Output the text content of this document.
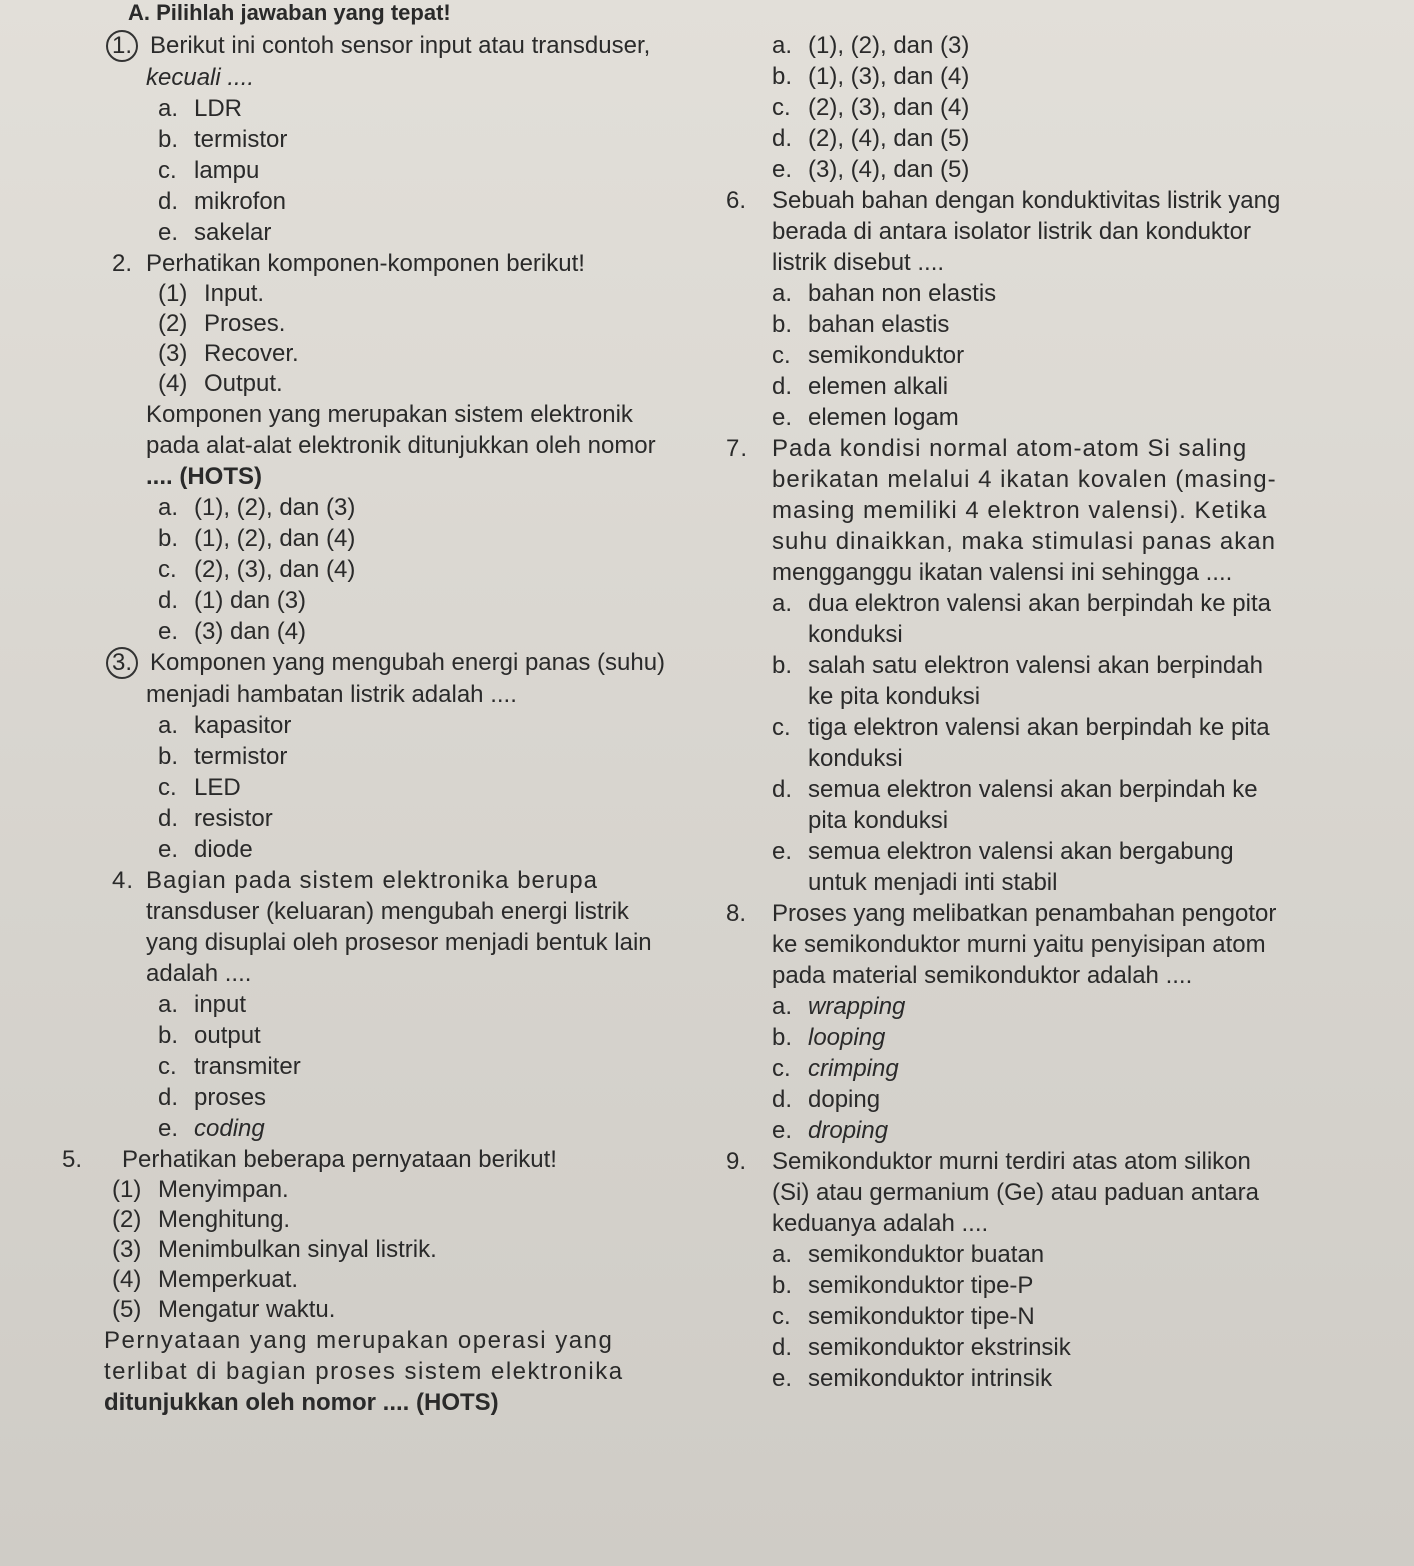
A. Pilihlah jawaban yang tepat!
1. Berikut ini contoh sensor input atau transduser,
kecuali ....
a. LDR
b. termistor
c. lampu
d. mikrofon
e. sakelar
2. Perhatikan komponen-komponen berikut!
(1) Input.
(2) Proses.
(3) Recover.
(4) Output.
Komponen yang merupakan sistem elektronik
pada alat-alat elektronik ditunjukkan oleh nomor
.... (HOTS)
a. (1), (2), dan (3)
b. (1), (2), dan (4)
c. (2), (3), dan (4)
d. (1) dan (3)
e. (3) dan (4)
3. Komponen yang mengubah energi panas (suhu)
menjadi hambatan listrik adalah ....
a. kapasitor
b. termistor
c. LED
d. resistor
e. diode
4. Bagian pada sistem elektronika berupa
transduser (keluaran) mengubah energi listrik
yang disuplai oleh prosesor menjadi bentuk lain
adalah ....
a. input
b. output
c. transmiter
d. proses
e. coding
5. Perhatikan beberapa pernyataan berikut!
(1) Menyimpan.
(2) Menghitung.
(3) Menimbulkan sinyal listrik.
(4) Memperkuat.
(5) Mengatur waktu.
Pernyataan yang merupakan operasi yang
terlibat di bagian proses sistem elektronika
ditunjukkan oleh nomor .... (HOTS)
a. (1), (2), dan (3)
b. (1), (3), dan (4)
c. (2), (3), dan (4)
d. (2), (4), dan (5)
e. (3), (4), dan (5)
6. Sebuah bahan dengan konduktivitas listrik yang
berada di antara isolator listrik dan konduktor
listrik disebut ....
a. bahan non elastis
b. bahan elastis
c. semikonduktor
d. elemen alkali
e. elemen logam
7. Pada kondisi normal atom-atom Si saling
berikatan melalui 4 ikatan kovalen (masing-
masing memiliki 4 elektron valensi). Ketika
suhu dinaikkan, maka stimulasi panas akan
mengganggu ikatan valensi ini sehingga ....
a. dua elektron valensi akan berpindah ke pita
konduksi
b. salah satu elektron valensi akan berpindah
ke pita konduksi
c. tiga elektron valensi akan berpindah ke pita
konduksi
d. semua elektron valensi akan berpindah ke
pita konduksi
e. semua elektron valensi akan bergabung
untuk menjadi inti stabil
8. Proses yang melibatkan penambahan pengotor
ke semikonduktor murni yaitu penyisipan atom
pada material semikonduktor adalah ....
a. wrapping
b. looping
c. crimping
d. doping
e. droping
9. Semikonduktor murni terdiri atas atom silikon
(Si) atau germanium (Ge) atau paduan antara
keduanya adalah ....
a. semikonduktor buatan
b. semikonduktor tipe-P
c. semikonduktor tipe-N
d. semikonduktor ekstrinsik
e. semikonduktor intrinsik
